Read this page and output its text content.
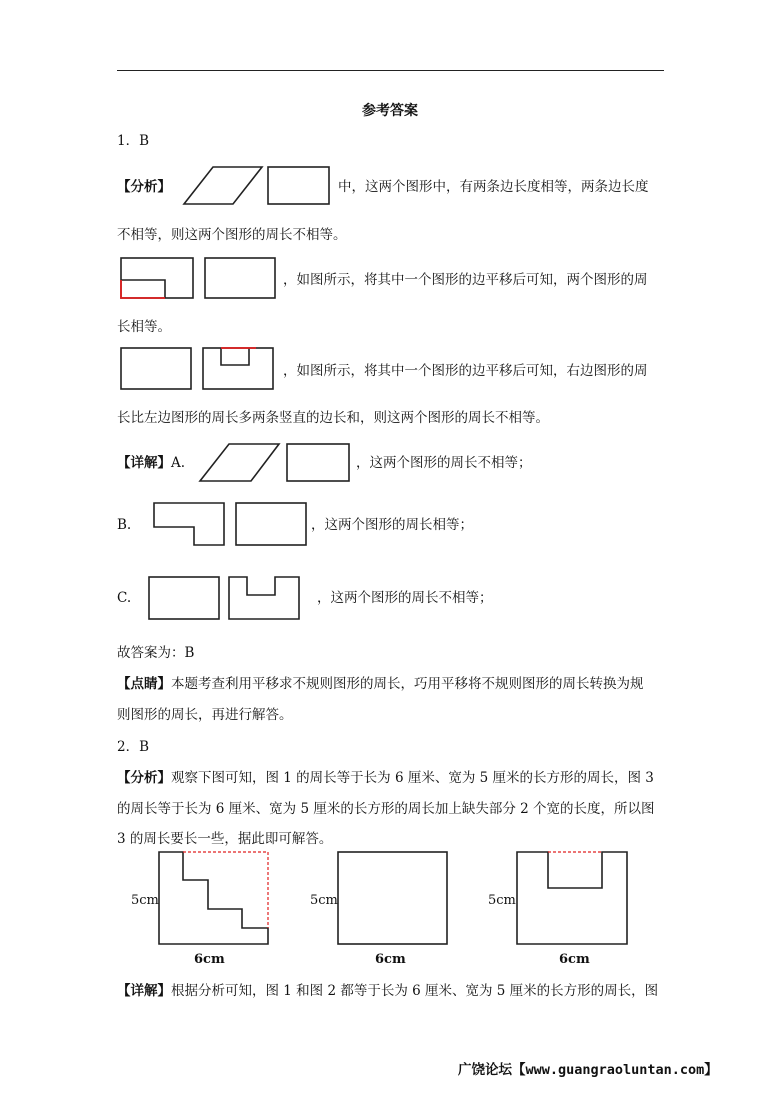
参考答案
1．B
【分析】	中，这两个图形中，有两条边长度相等，两条边长度
不相等，则这两个图形的周长不相等。
，如图所示，将其中一个图形的边平移后可知，两个图形的周
长相等。
，如图所示，将其中一个图形的边平移后可知，右边图形的周
长比左边图形的周长多两条竖直的边长和，则这两个图形的周长不相等。
【详解】A.	，这两个图形的周长不相等；
B.	，这两个图形的周长相等；
C.	，这两个图形的周长不相等；
故答案为：B
【点睛】本题考查利用平移求不规则图形的周长，巧用平移将不规则图形的周长转换为规
则图形的周长，再进行解答。
2．B
【分析】观察下图可知，图 1 的周长等于长为 6 厘米、宽为 5 厘米的长方形的周长，图 3
的周长等于长为 6 厘米、宽为 5 厘米的长方形的周长加上缺失部分 2 个宽的长度，所以图
3 的周长要长一些，据此即可解答。
5cm
6cm
5cm
6cm
5cm
6cm
【详解】根据分析可知，图 1 和图 2 都等于长为 6 厘米、宽为 5 厘米的长方形的周长，图
广饶论坛【www.guangraoluntan.com】
